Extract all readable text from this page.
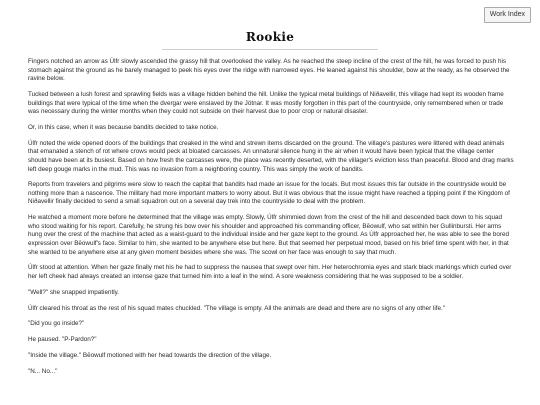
Work Index
Rookie

Fingers notched an arrow as Úlfr slowly ascended the grassy hill that overlooked the valley. As he reached the steep incline of the crest of the hill, he was forced to push his stomach against the ground as he barely managed to peek his eyes over the ridge with narrowed eyes. He leaned against his shoulder, bow at the ready, as he observed the ravine below.

Tucked between a lush forest and sprawling fields was a village hidden behind the hill. Unlike the typical metal buildings of Niðavellir, this village had kept its wooden frame buildings that were typical of the time when the dvergar were enslaved by the Jötnar. It was mostly forgotten in this part of the countryside, only remembered when or trade was necessary during the winter months when they could not subside on their harvest due to poor crop or natural disaster.

Or, in this case, when it was because bandits decided to take notice.

Úlfr noted the wide opened doors of the buildings that creaked in the wind and strewn items discarded on the ground. The village's pastures were littered with dead animals that emanated a stench of rot where crows would peck at bloated carcasses. An unnatural silence hung in the air when it would have been typical that the village center should have been at its busiest. Based on how fresh the carcasses were, the place was recently deserted, with the villager's eviction less than peaceful. Blood and drag marks left deep gouge marks in the mud. This was no invasion from a neighboring country. This was simply the work of bandits.

Reports from travelers and pilgrims were slow to reach the capital that bandits had made an issue for the locals. But most issues this far outside in the countryside would be nothing more than a nascence. The military had more important matters to worry about. But it was obvious that the issue might have reached a tipping point if the Kingdom of Niðavellir finally decided to send a small squadron out on a several day trek into the countryside to deal with the problem.

He watched a moment more before he determined that the village was empty. Slowly, Úlfr shimmied down from the crest of the hill and descended back down to his squad who stood waiting for his report. Carefully, he strung his bow over his shoulder and approached his commanding officer, Bēowulf, who sat within her Gullinbursti. Her arms hung over the crest of the machine that acted as a waist-guard to the individual inside and her gaze kept to the ground. As Úlfr approached her, he was able to see the bored expression over Bēowulf's face. Similar to him, she wanted to be anywhere else but here. But that seemed her perpetual mood, based on his brief time spent with her, in that she wanted to be anywhere else at any given moment besides where she was. The scowl on her face was enough to say that much.

Úlfr stood at attention. When her gaze finally met his he had to suppress the nausea that swept over him. Her heterochromia eyes and stark black markings which curled over her left cheek had always created an intense gaze that turned him into a leaf in the wind. A sore weakness considering that he was supposed to be a soldier.

"Well?" she snapped impatiently.

Úlfr cleared his throat as the rest of his squad mates chuckled. "The village is empty. All the animals are dead and there are no signs of any other life."

"Did you go inside?"

He paused. "P-Pardon?"

"Inside the village." Bēowulf motioned with her head towards the direction of the village.

"N... No..."
